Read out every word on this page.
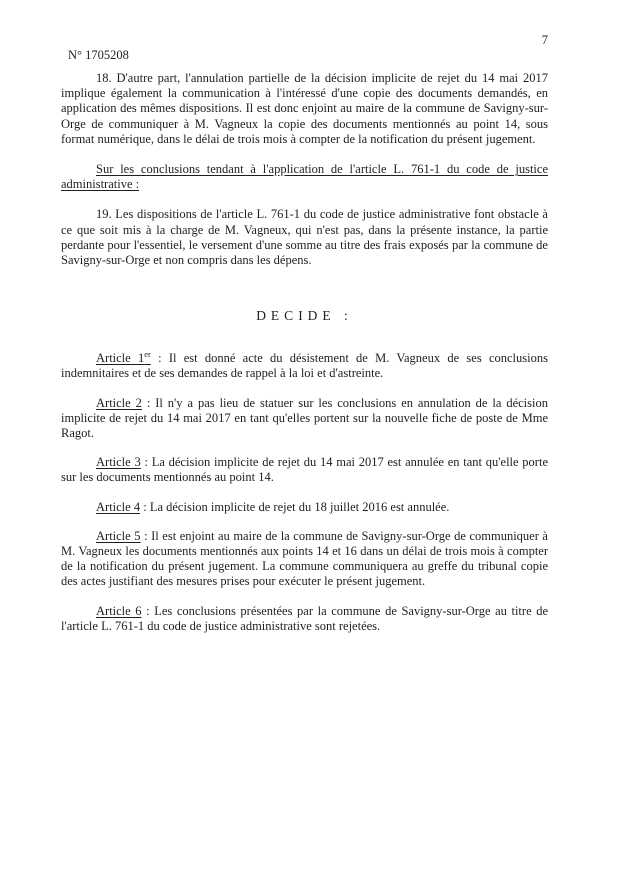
7
N° 1705208

18. D'autre part, l'annulation partielle de la décision implicite de rejet du 14 mai 2017 implique également la communication à l'intéressé d'une copie des documents demandés, en application des mêmes dispositions. Il est donc enjoint au maire de la commune de Savigny-sur-Orge de communiquer à M. Vagneux la copie des documents mentionnés au point 14, sous format numérique, dans le délai de trois mois à compter de la notification du présent jugement.

Sur les conclusions tendant à l'application de l'article L. 761-1 du code de justice administrative :

19. Les dispositions de l'article L. 761-1 du code de justice administrative font obstacle à ce que soit mis à la charge de M. Vagneux, qui n'est pas, dans la présente instance, la partie perdante pour l'essentiel, le versement d'une somme au titre des frais exposés par la commune de Savigny-sur-Orge et non compris dans les dépens.

DECIDE :

Article 1er : Il est donné acte du désistement de M. Vagneux de ses conclusions indemnitaires et de ses demandes de rappel à la loi et d'astreinte.

Article 2 : Il n'y a pas lieu de statuer sur les conclusions en annulation de la décision implicite de rejet du 14 mai 2017 en tant qu'elles portent sur la nouvelle fiche de poste de Mme Ragot.

Article 3 : La décision implicite de rejet du 14 mai 2017 est annulée en tant qu'elle porte sur les documents mentionnés au point 14.

Article 4 : La décision implicite de rejet du 18 juillet 2016 est annulée.

Article 5 : Il est enjoint au maire de la commune de Savigny-sur-Orge de communiquer à M. Vagneux les documents mentionnés aux points 14 et 16 dans un délai de trois mois à compter de la notification du présent jugement. La commune communiquera au greffe du tribunal copie des actes justifiant des mesures prises pour exécuter le présent jugement.

Article 6 : Les conclusions présentées par la commune de Savigny-sur-Orge au titre de l'article L. 761-1 du code de justice administrative sont rejetées.
